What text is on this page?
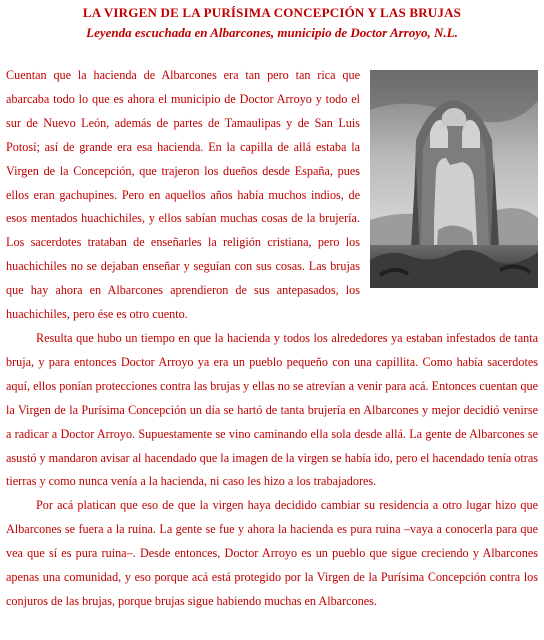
LA VIRGEN DE LA PURÍSIMA CONCEPCIÓN Y LAS BRUJAS
Leyenda escuchada en Albarcones, municipio de Doctor Arroyo, N.L.

Cuentan que la hacienda de Albarcones era tan pero tan rica que abarcaba todo lo que es ahora el municipio de Doctor Arroyo y todo el sur de Nuevo León, además de partes de Tamaulipas y de San Luis Potosí; así de grande era esa hacienda. En la capilla de allá estaba la Virgen de la Concepción, que trajeron los dueños desde España, pues ellos eran gachupines. Pero en aquellos años había muchos indios, de esos mentados huachichiles, y ellos sabían muchas cosas de la brujería. Los sacerdotes trataban de enseñarles la religión cristiana, pero los huachichiles no se dejaban enseñar y seguían con sus cosas. Las brujas que hay ahora en Albarcones aprendieron de sus antepasados, los huachichiles, pero ése es otro cuento.

Resulta que hubo un tiempo en que la hacienda y todos los alrededores ya estaban infestados de tanta bruja, y para entonces Doctor Arroyo ya era un pueblo pequeño con una capillita. Como había sacerdotes aquí, ellos ponían protecciones contra las brujas y ellas no se atrevían a venir para acá. Entonces cuentan que la Virgen de la Purísima Concepción un día se hartó de tanta brujería en Albarcones y mejor decidió venirse a radicar a Doctor Arroyo. Supuestamente se vino caminando ella sola desde allá. La gente de Albarcones se asustó y mandaron avisar al hacendado que la imagen de la virgen se había ido, pero el hacendado tenía otras tierras y como nunca venía a la hacienda, ni caso les hizo a los trabajadores.

Por acá platican que eso de que la virgen haya decidido cambiar su residencia a otro lugar hizo que Albarcones se fuera a la ruina. La gente se fue y ahora la hacienda es pura ruina –vaya a conocerla para que vea que sí es pura ruina–. Desde entonces, Doctor Arroyo es un pueblo que sigue creciendo y Albarcones apenas una comunidad, y eso porque acá está protegido por la Virgen de la Purísima Concepción contra los conjuros de las brujas, porque brujas sigue habiendo muchas en Albarcones.
